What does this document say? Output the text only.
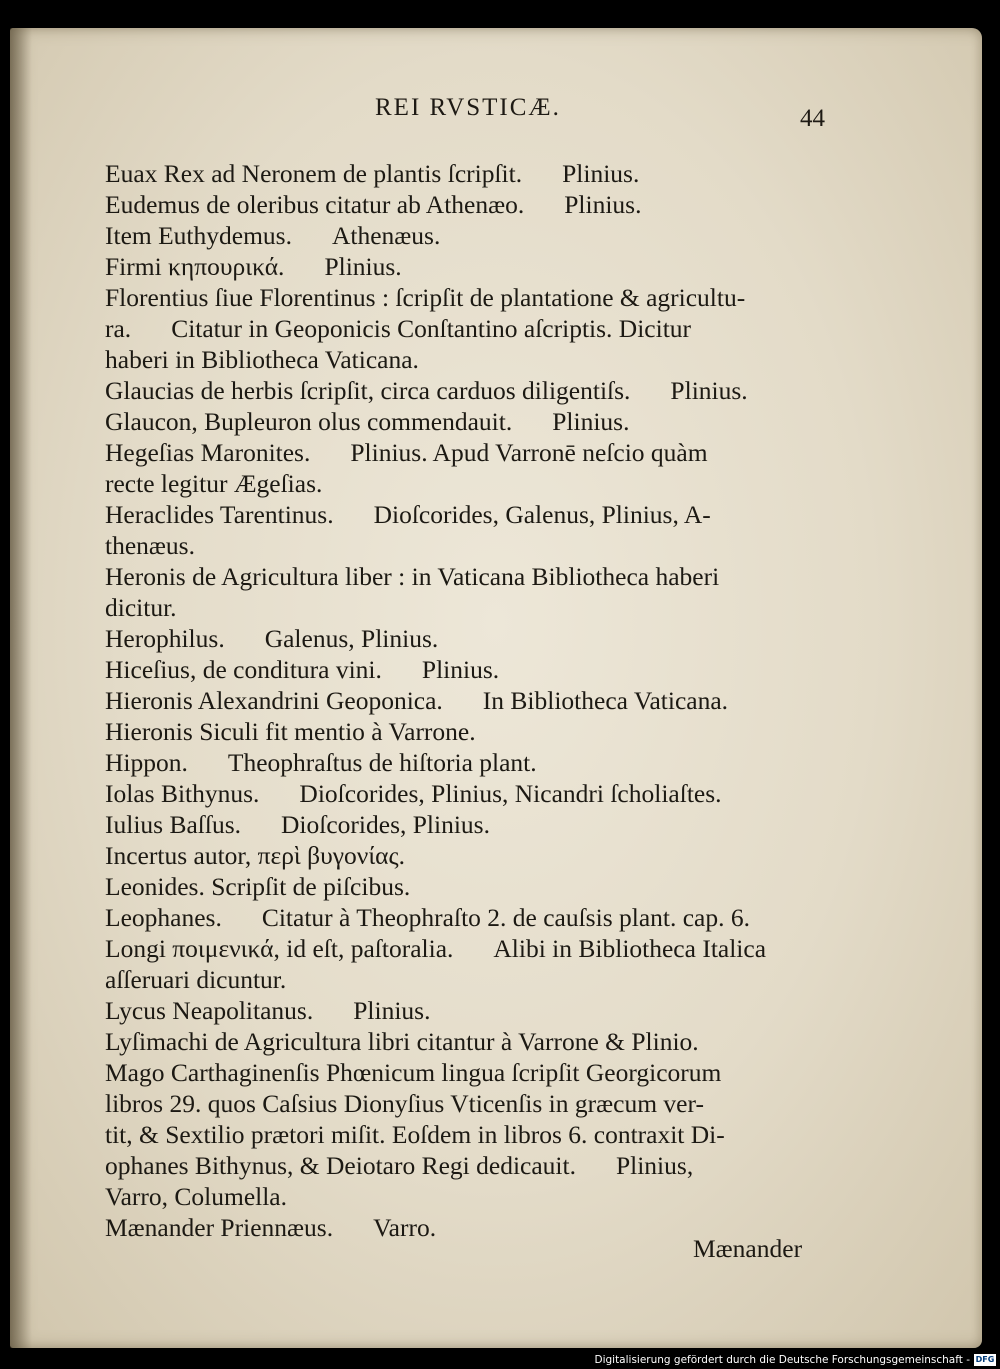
REI RVSTICÆ.	44

Euax Rex ad Neronem de plantis ſcripſit. Plinius.

Eudemus de oleribus citatur ab Athenæo. Plinius.
Item Euthydemus. Athenæus.

Firmi κηπουρικά. Plinius.

Florentius ſiue Florentinus : ſcripſit de plantatione & agricultu-
ra. Citatur in Geoponicis Conſtantino aſcriptis. Dicitur
haberi in Bibliotheca Vaticana.

Glaucias de herbis ſcripſit, circa carduos diligentiſs. Plinius.

Glaucon, Bupleuron olus commendauit. Plinius.

Hegeſias Maronites. Plinius. Apud Varronē neſcio quàm
recte legitur Ægeſias.

Heraclides Tarentinus. Dioſcorides, Galenus, Plinius, A-
thenæus.

Heronis de Agricultura liber : in Vaticana Bibliotheca haberi
dicitur.

Herophilus. Galenus, Plinius.

Hiceſius, de conditura vini. Plinius.

Hieronis Alexandrini Geoponica. In Bibliotheca Vaticana.

Hieronis Siculi fit mentio à Varrone.

Hippon. Theophraſtus de hiſtoria plant.

Iolas Bithynus. Dioſcorides, Plinius, Nicandri ſcholiaſtes.

Iulius Baſſus. Dioſcorides, Plinius.

Incertus autor, περὶ βυγονίας.

Leonides. Scripſit de piſcibus.

Leophanes. Citatur à Theophraſto 2. de cauſsis plant. cap. 6.

Longi ποιμενικά, id eſt, paſtoralia. Alibi in Bibliotheca Italica
aſſeruari dicuntur.

Lycus Neapolitanus. Plinius.

Lyſimachi de Agricultura libri citantur à Varrone & Plinio.

Mago Carthaginenſis Phœnicum lingua ſcripſit Georgicorum
libros 29. quos Caſsius Dionyſius Vticenſis in græcum ver-
tit, & Sextilio prætori miſit. Eoſdem in libros 6. contraxit Di-
ophanes Bithynus, & Deiotaro Regi dedicauit. Plinius,
Varro, Columella.

Mænander Priennæus. Varro.

Mænander
Digitalisierung gefördert durch die Deutsche Forschungsgemeinschaft - DFG
